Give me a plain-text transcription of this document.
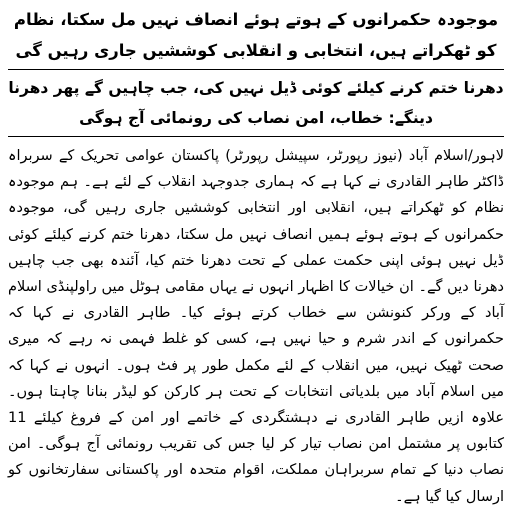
موجودہ حکمرانوں کے ہوتے ہوئے انصاف نہیں مل سکتا، نظام کو ٹھکراتے ہیں، انتخابی و انقلابی کوششیں جاری رہیں گی

دھرنا ختم کرنے کیلئے کوئی ڈیل نہیں کی، جب چاہیں گے پھر دھرنا دینگے: خطاب، امن نصاب کی رونمائی آج ہوگی

لاہور/اسلام آباد (نیوز رپورٹر، سپیشل رپورٹر) پاکستان عوامی تحریک کے سربراہ ڈاکٹر طاہر القادری نے کہا ہے کہ ہماری جدوجہد انقلاب کے لئے ہے۔ ہم موجودہ نظام کو ٹھکراتے ہیں، انقلابی اور انتخابی کوششیں جاری رہیں گی، موجودہ حکمرانوں کے ہوتے ہوئے ہمیں انصاف نہیں مل سکتا، دھرنا ختم کرنے کیلئے کوئی ڈیل نہیں ہوئی اپنی حکمت عملی کے تحت دھرنا ختم کیا، آئندہ بھی جب چاہیں دھرنا دیں گے۔ ان خیالات کا اظہار انہوں نے یہاں مقامی ہوٹل میں راولپنڈی اسلام آباد کے ورکر کنونشن سے خطاب کرتے ہوئے کیا۔ طاہر القادری نے کہا کہ حکمرانوں کے اندر شرم و حیا نہیں ہے، کسی کو غلط فہمی نہ رہے کہ میری صحت ٹھیک نہیں، میں انقلاب کے لئے مکمل طور پر فٹ ہوں۔ انہوں نے کہا کہ میں اسلام آباد میں بلدیاتی انتخابات کے تحت ہر کارکن کو لیڈر بنانا چاہتا ہوں۔ علاوہ ازیں طاہر القادری نے دہشتگردی کے خاتمے اور امن کے فروغ کیلئے 11 کتابوں پر مشتمل امن نصاب تیار کر لیا جس کی تقریب رونمائی آج ہوگی۔ امن نصاب دنیا کے تمام سربراہان مملکت، اقوام متحدہ اور پاکستانی سفارتخانوں کو ارسال کیا گیا ہے۔
